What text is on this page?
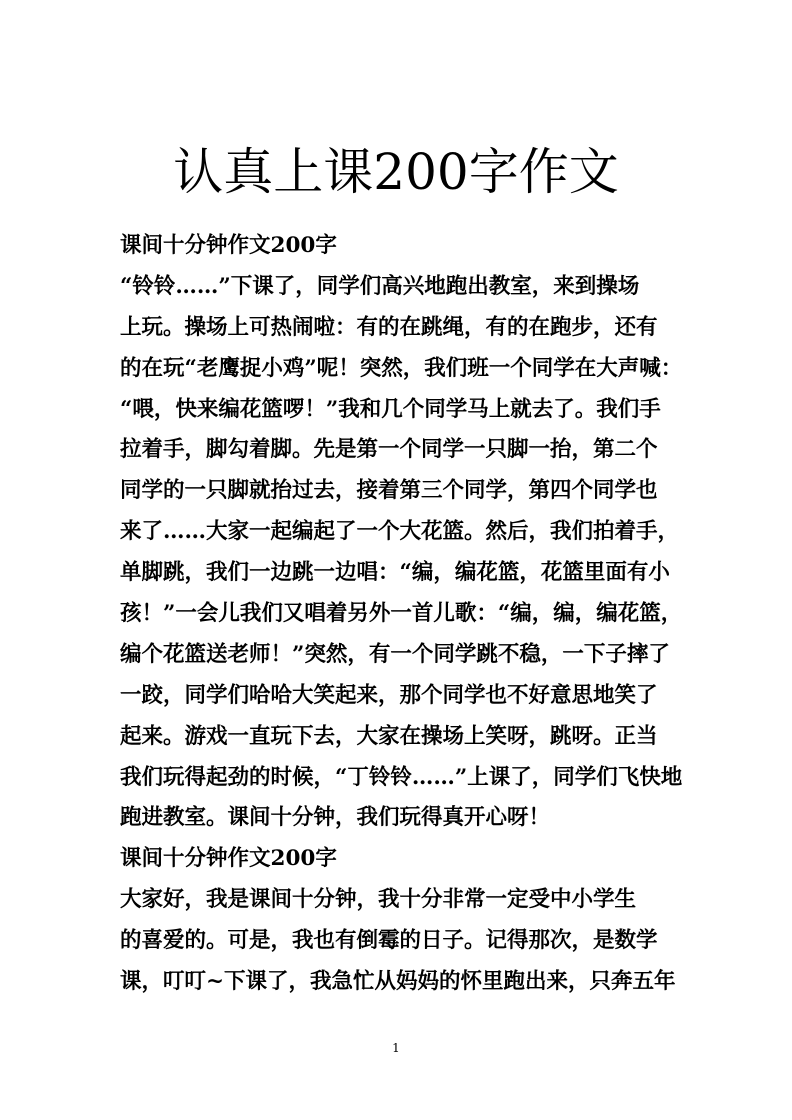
认真上课200字作文
课间十分钟作文200字
“铃铃……”下课了，同学们高兴地跑出教室，来到操场
上玩。操场上可热闹啦：有的在跳绳，有的在跑步，还有
的在玩“老鹰捉小鸡”呢！突然，我们班一个同学在大声喊：
“喂，快来编花篮啰！”我和几个同学马上就去了。我们手
拉着手，脚勾着脚。先是第一个同学一只脚一抬，第二个
同学的一只脚就抬过去，接着第三个同学，第四个同学也
来了……大家一起编起了一个大花篮。然后，我们拍着手，
单脚跳，我们一边跳一边唱：“编，编花篮，花篮里面有小
孩！”一会儿我们又唱着另外一首儿歌：“编，编，编花篮，
编个花篮送老师！”突然，有一个同学跳不稳，一下子摔了
一跤，同学们哈哈大笑起来，那个同学也不好意思地笑了
起来。游戏一直玩下去，大家在操场上笑呀，跳呀。正当
我们玩得起劲的时候，“丁铃铃……”上课了，同学们飞快地
跑进教室。课间十分钟，我们玩得真开心呀！
课间十分钟作文200字
大家好，我是课间十分钟，我十分非常一定受中小学生
的喜爱的。可是，我也有倒霉的日子。记得那次，是数学
课，叮叮~下课了，我急忙从妈妈的怀里跑出来，只奔五年
1
